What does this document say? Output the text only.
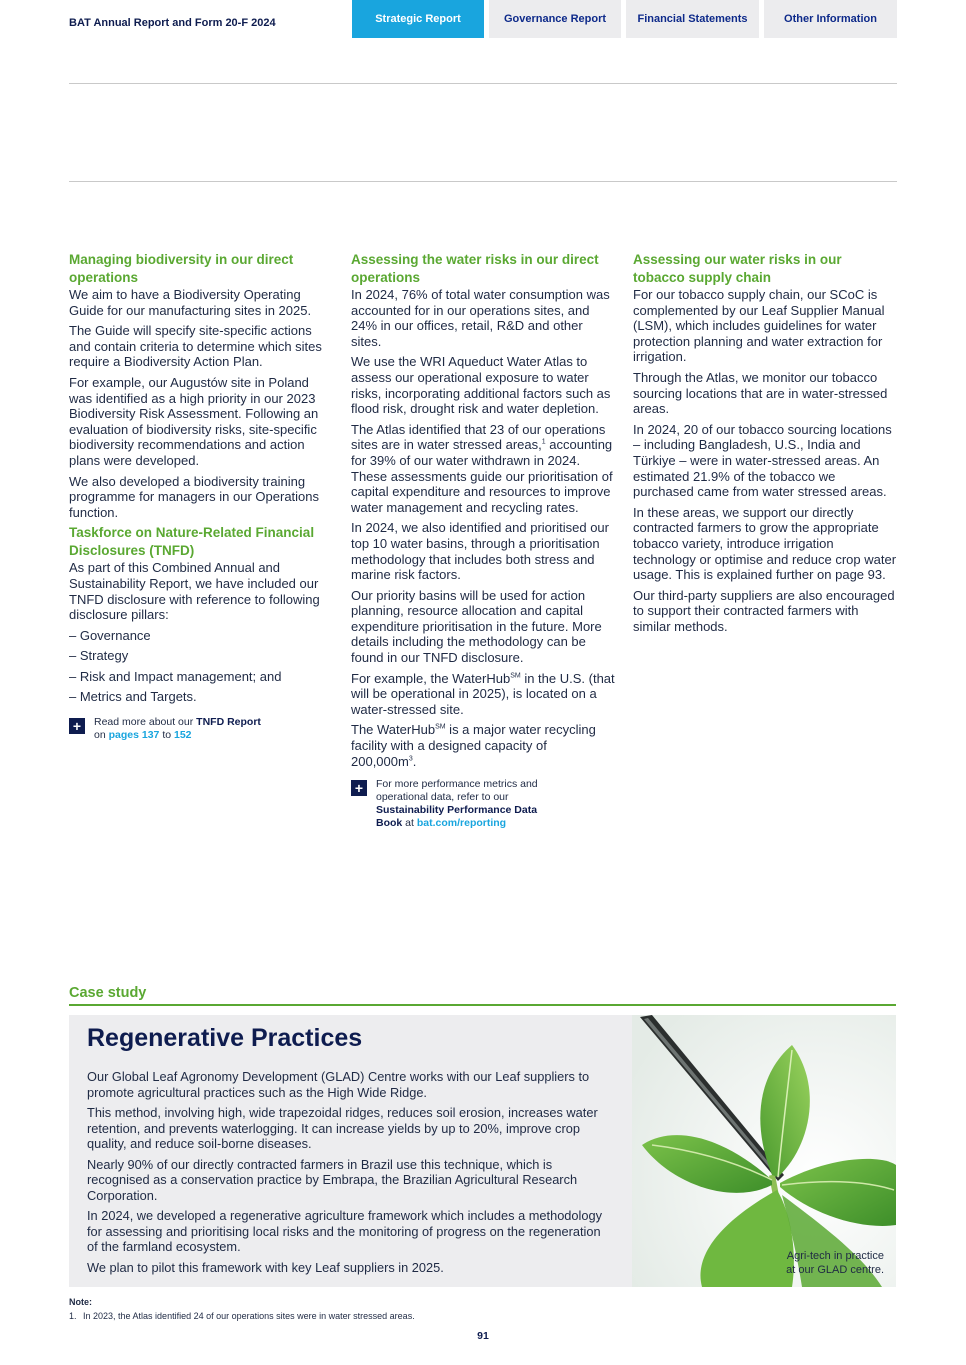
BAT Annual Report and Form 20-F 2024	Strategic Report	Governance Report	Financial Statements	Other Information
Managing biodiversity in our direct operations

We aim to have a Biodiversity Operating Guide for our manufacturing sites in 2025.

The Guide will specify site-specific actions and contain criteria to determine which sites require a Biodiversity Action Plan.

For example, our Augustów site in Poland was identified as a high priority in our 2023 Biodiversity Risk Assessment. Following an evaluation of biodiversity risks, site-specific biodiversity recommendations and action plans were developed.

We also developed a biodiversity training programme for managers in our Operations function.

Taskforce on Nature-Related Financial Disclosures (TNFD)

As part of this Combined Annual and Sustainability Report, we have included our TNFD disclosure with reference to following disclosure pillars:

– Governance

– Strategy

– Risk and Impact management; and

– Metrics and Targets.

+	Read more about our TNFD Report
on pages 137 to 152
Assessing the water risks in our direct operations

In 2024, 76% of total water consumption was accounted for in our operations sites, and 24% in our offices, retail, R&D and other sites.

We use the WRI Aqueduct Water Atlas to assess our operational exposure to water risks, incorporating additional factors such as flood risk, drought risk and water depletion.

The Atlas identified that 23 of our operations sites are in water stressed areas,$^1$ accounting for 39% of our water withdrawn in 2024. These assessments guide our prioritisation of capital expenditure and resources to improve water management and recycling rates.

In 2024, we also identified and prioritised our top 10 water basins, through a prioritisation methodology that includes both stress and marine risk factors.

Our priority basins will be used for action planning, resource allocation and capital expenditure prioritisation in the future. More details including the methodology can be found in our TNFD disclosure.

For example, the WaterHub℠ in the U.S. (that will be operational in 2025), is located on a water-stressed site.

The WaterHub℠ is a major water recycling facility with a designed capacity of $200,000m^3$.

+	For more performance metrics and operational data, refer to our Sustainability Performance Data Book at bat.com/reporting
Assessing our water risks in our tobacco supply chain

For our tobacco supply chain, our SCoC is complemented by our Leaf Supplier Manual (LSM), which includes guidelines for water protection planning and water extraction for irrigation.

Through the Atlas, we monitor our tobacco sourcing locations that are in water-stressed areas.

In 2024, 20 of our tobacco sourcing locations – including Bangladesh, U.S., India and Türkiye – were in water-stressed areas. An estimated 21.9% of the tobacco we purchased came from water stressed areas.

In these areas, we support our directly contracted farmers to grow the appropriate tobacco variety, introduce irrigation technology or optimise and reduce crop water usage. This is explained further on page 93.

Our third-party suppliers are also encouraged to support their contracted farmers with similar methods.

Case study
Regenerative Practices

Our Global Leaf Agronomy Development (GLAD) Centre works with our Leaf suppliers to promote agricultural practices such as the High Wide Ridge.

This method, involving high, wide trapezoidal ridges, reduces soil erosion, increases water retention, and prevents waterlogging. It can increase yields by up to 20%, improve crop quality, and reduce soil-borne diseases.

Nearly 90% of our directly contracted farmers in Brazil use this technique, which is recognised as a conservation practice by Embrapa, the Brazilian Agricultural Research Corporation.

In 2024, we developed a regenerative agriculture framework which includes a methodology for assessing and prioritising local risks and the monitoring of progress on the regeneration of the farmland ecosystem.

We plan to pilot this framework with key Leaf suppliers in 2025.

Agri-tech in practice
at our GLAD centre.
Note:
1. In 2023, the Atlas identified 24 of our operations sites were in water stressed areas.
91
